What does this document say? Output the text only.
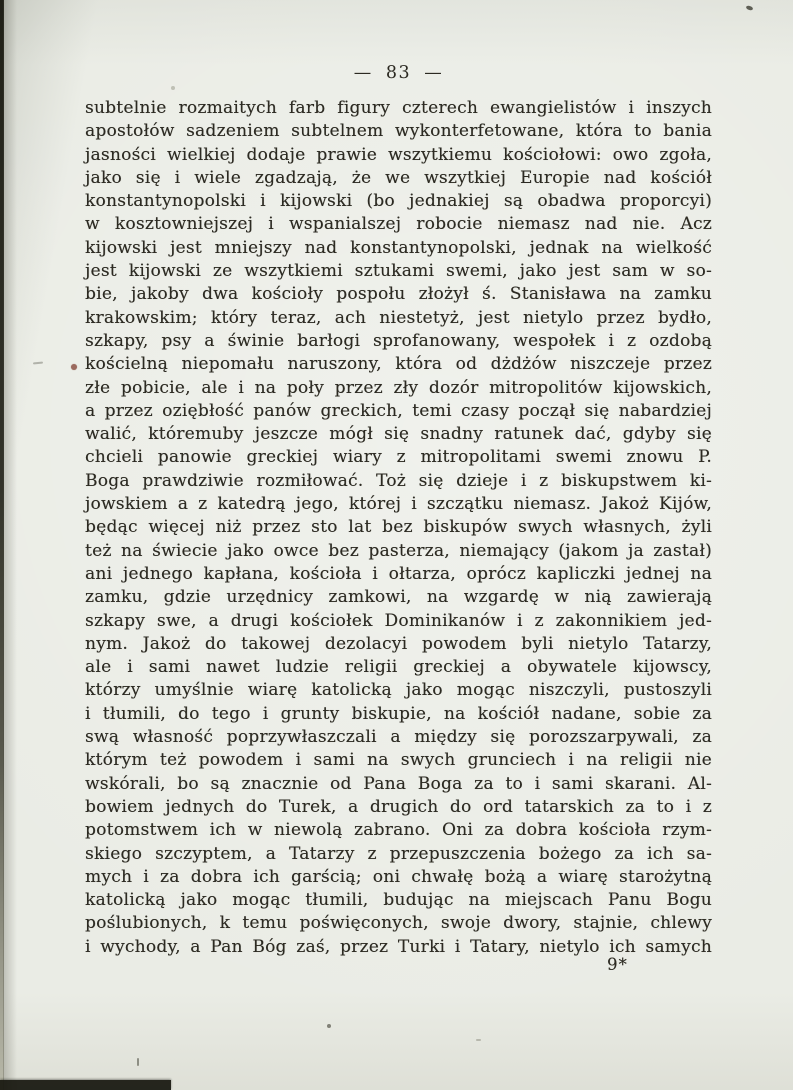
— 83 —
subtelnie rozmaitych farb figury czterech ewangielistów i inszych
apostołów sadzeniem subtelnem wykonterfetowane, która to bania
jasności wielkiej dodaje prawie wszytkiemu kościołowi: owo zgoła,
jako się i wiele zgadzają, że we wszytkiej Europie nad kościół
konstantynopolski i kijowski (bo jednakiej są obadwa proporcyi)
w kosztowniejszej i wspanialszej robocie niemasz nad nie. Acz
kijowski jest mniejszy nad konstantynopolski, jednak na wielkość
jest kijowski ze wszytkiemi sztukami swemi, jako jest sam w so-
bie, jakoby dwa kościoły pospołu złożył ś. Stanisława na zamku
krakowskim; który teraz, ach niestetyż, jest nietylo przez bydło,
szkapy, psy a świnie barłogi sprofanowany, wespołek i z ozdobą
kościelną niepomału naruszony, która od dżdżów niszczeje przez
złe pobicie, ale i na poły przez zły dozór mitropolitów kijowskich,
a przez oziębłość panów greckich, temi czasy począł się nabardziej
walić, któremuby jeszcze mógł się snadny ratunek dać, gdyby się
chcieli panowie greckiej wiary z mitropolitami swemi znowu P.
Boga prawdziwie rozmiłować. Toż się dzieje i z biskupstwem ki-
jowskiem a z katedrą jego, której i szczątku niemasz. Jakoż Kijów,
będąc więcej niż przez sto lat bez biskupów swych własnych, żyli
też na świecie jako owce bez pasterza, niemający (jakom ja zastał)
ani jednego kapłana, kościoła i ołtarza, oprócz kapliczki jednej na
zamku, gdzie urzędnicy zamkowi, na wzgardę w nią zawierają
szkapy swe, a drugi kościołek Dominikanów i z zakonnikiem jed-
nym. Jakoż do takowej dezolacyi powodem byli nietylo Tatarzy,
ale i sami nawet ludzie religii greckiej a obywatele kijowscy,
którzy umyślnie wiarę katolicką jako mogąc niszczyli, pustoszyli
i tłumili, do tego i grunty biskupie, na kościół nadane, sobie za
swą własność poprzywłaszczali a między się porozszarpywali, za
którym też powodem i sami na swych grunciech i na religii nie
wskórali, bo są znacznie od Pana Boga za to i sami skarani. Al-
bowiem jednych do Turek, a drugich do ord tatarskich za to i z
potomstwem ich w niewolą zabrano. Oni za dobra kościoła rzym-
skiego szczyptem, a Tatarzy z przepuszczenia bożego za ich sa-
mych i za dobra ich garścią; oni chwałę bożą a wiarę starożytną
katolicką jako mogąc tłumili, budując na miejscach Panu Bogu
poślubionych, k temu poświęconych, swoje dwory, stajnie, chlewy
i wychody, a Pan Bóg zaś, przez Turki i Tatary, nietylo ich samych
9*
